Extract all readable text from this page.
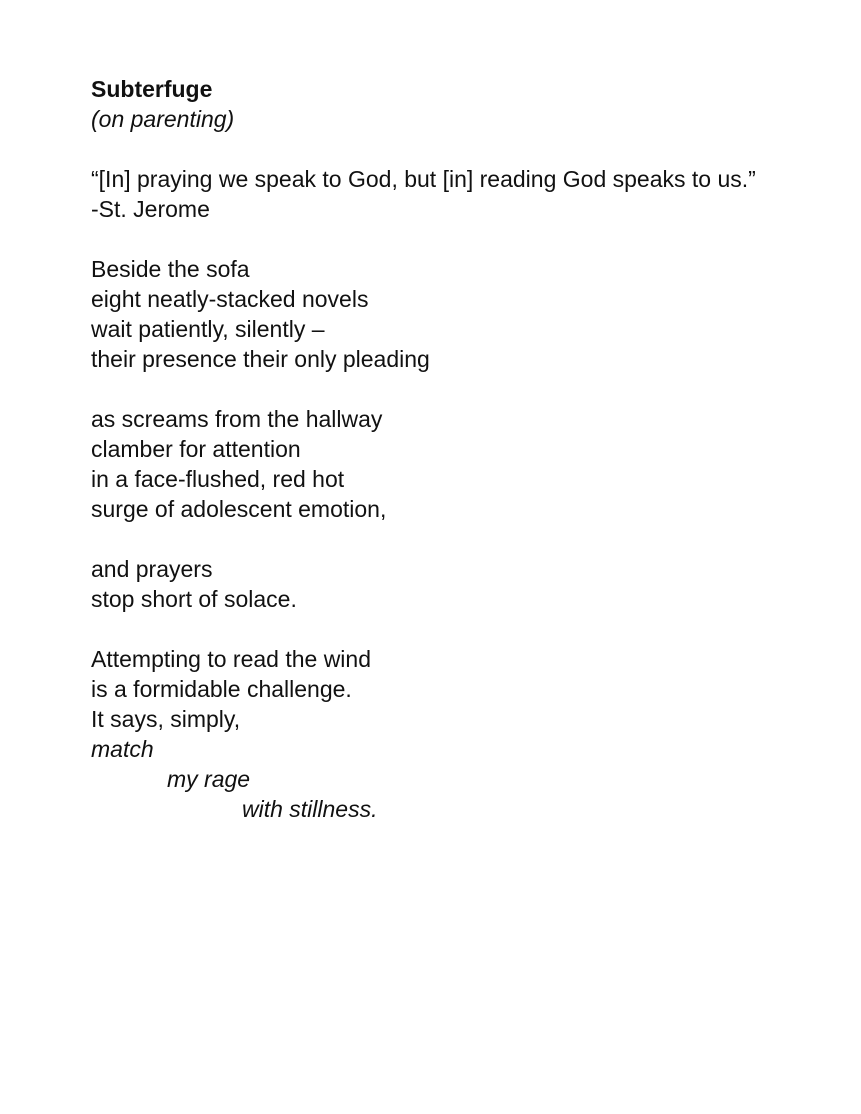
Subterfuge
(on parenting)
“[In] praying we speak to God, but [in] reading God speaks to us.”
-St. Jerome
Beside the sofa
eight neatly-stacked novels
wait patiently, silently –
their presence their only pleading
as screams from the hallway
clamber for attention
in a face-flushed, red hot
surge of adolescent emotion,
and prayers
stop short of solace.
Attempting to read the wind
is a formidable challenge.
It says, simply,
match
my rage
with stillness.
